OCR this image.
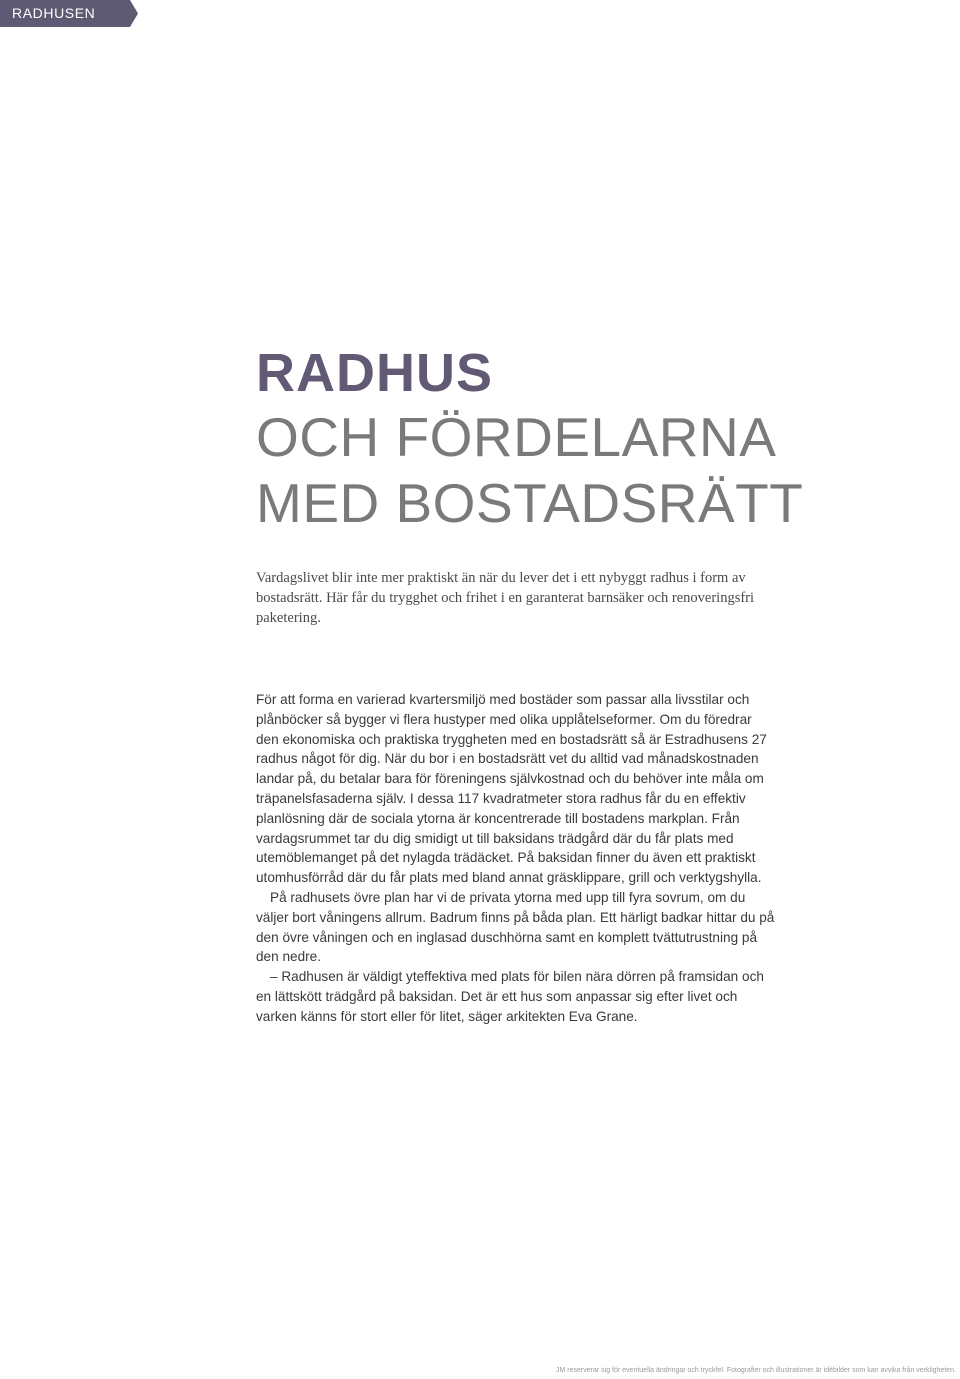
RADHUSEN
RADHUS
OCH FÖRDELARNA
MED BOSTADSRÄTT

Vardagslivet blir inte mer praktiskt än när du lever det i ett nybyggt radhus i form av bostadsrätt. Här får du trygghet och frihet i en garanterat barnsäker och renoveringsfri paketering.

För att forma en varierad kvartersmiljö med bostäder som passar alla livsstilar och plånböcker så bygger vi flera hustyper med olika upplåtelseformer. Om du föredrar den ekonomiska och praktiska tryggheten med en bostadsrätt så är Estradhusens 27 radhus något för dig. När du bor i en bostadsrätt vet du alltid vad månadskostnaden landar på, du betalar bara för föreningens självkostnad och du behöver inte måla om träpanelsfasaderna själv. I dessa 117 kvadratmeter stora radhus får du en effektiv planlösning där de sociala ytorna är koncentrerade till bostadens markplan. Från vardagsrummet tar du dig smidigt ut till baksidans trädgård där du får plats med utemöblemanget på det nylagda trädäcket. På baksidan finner du även ett praktiskt utomhusförråd där du får plats med bland annat gräsklippare, grill och verktygshylla.

På radhusets övre plan har vi de privata ytorna med upp till fyra sovrum, om du väljer bort våningens allrum. Badrum finns på båda plan. Ett härligt badkar hittar du på den övre våningen och en inglasad duschhörna samt en komplett tvättutrustning på den nedre.

– Radhusen är väldigt yteffektiva med plats för bilen nära dörren på framsidan och en lättskött trädgård på baksidan. Det är ett hus som anpassar sig efter livet och varken känns för stort eller för litet, säger arkitekten Eva Grane.

JM reserverar sig för eventuella ändringar och tryckfel. Fotografier och illustrationer är idébilder som kan avvika från verkligheten.
